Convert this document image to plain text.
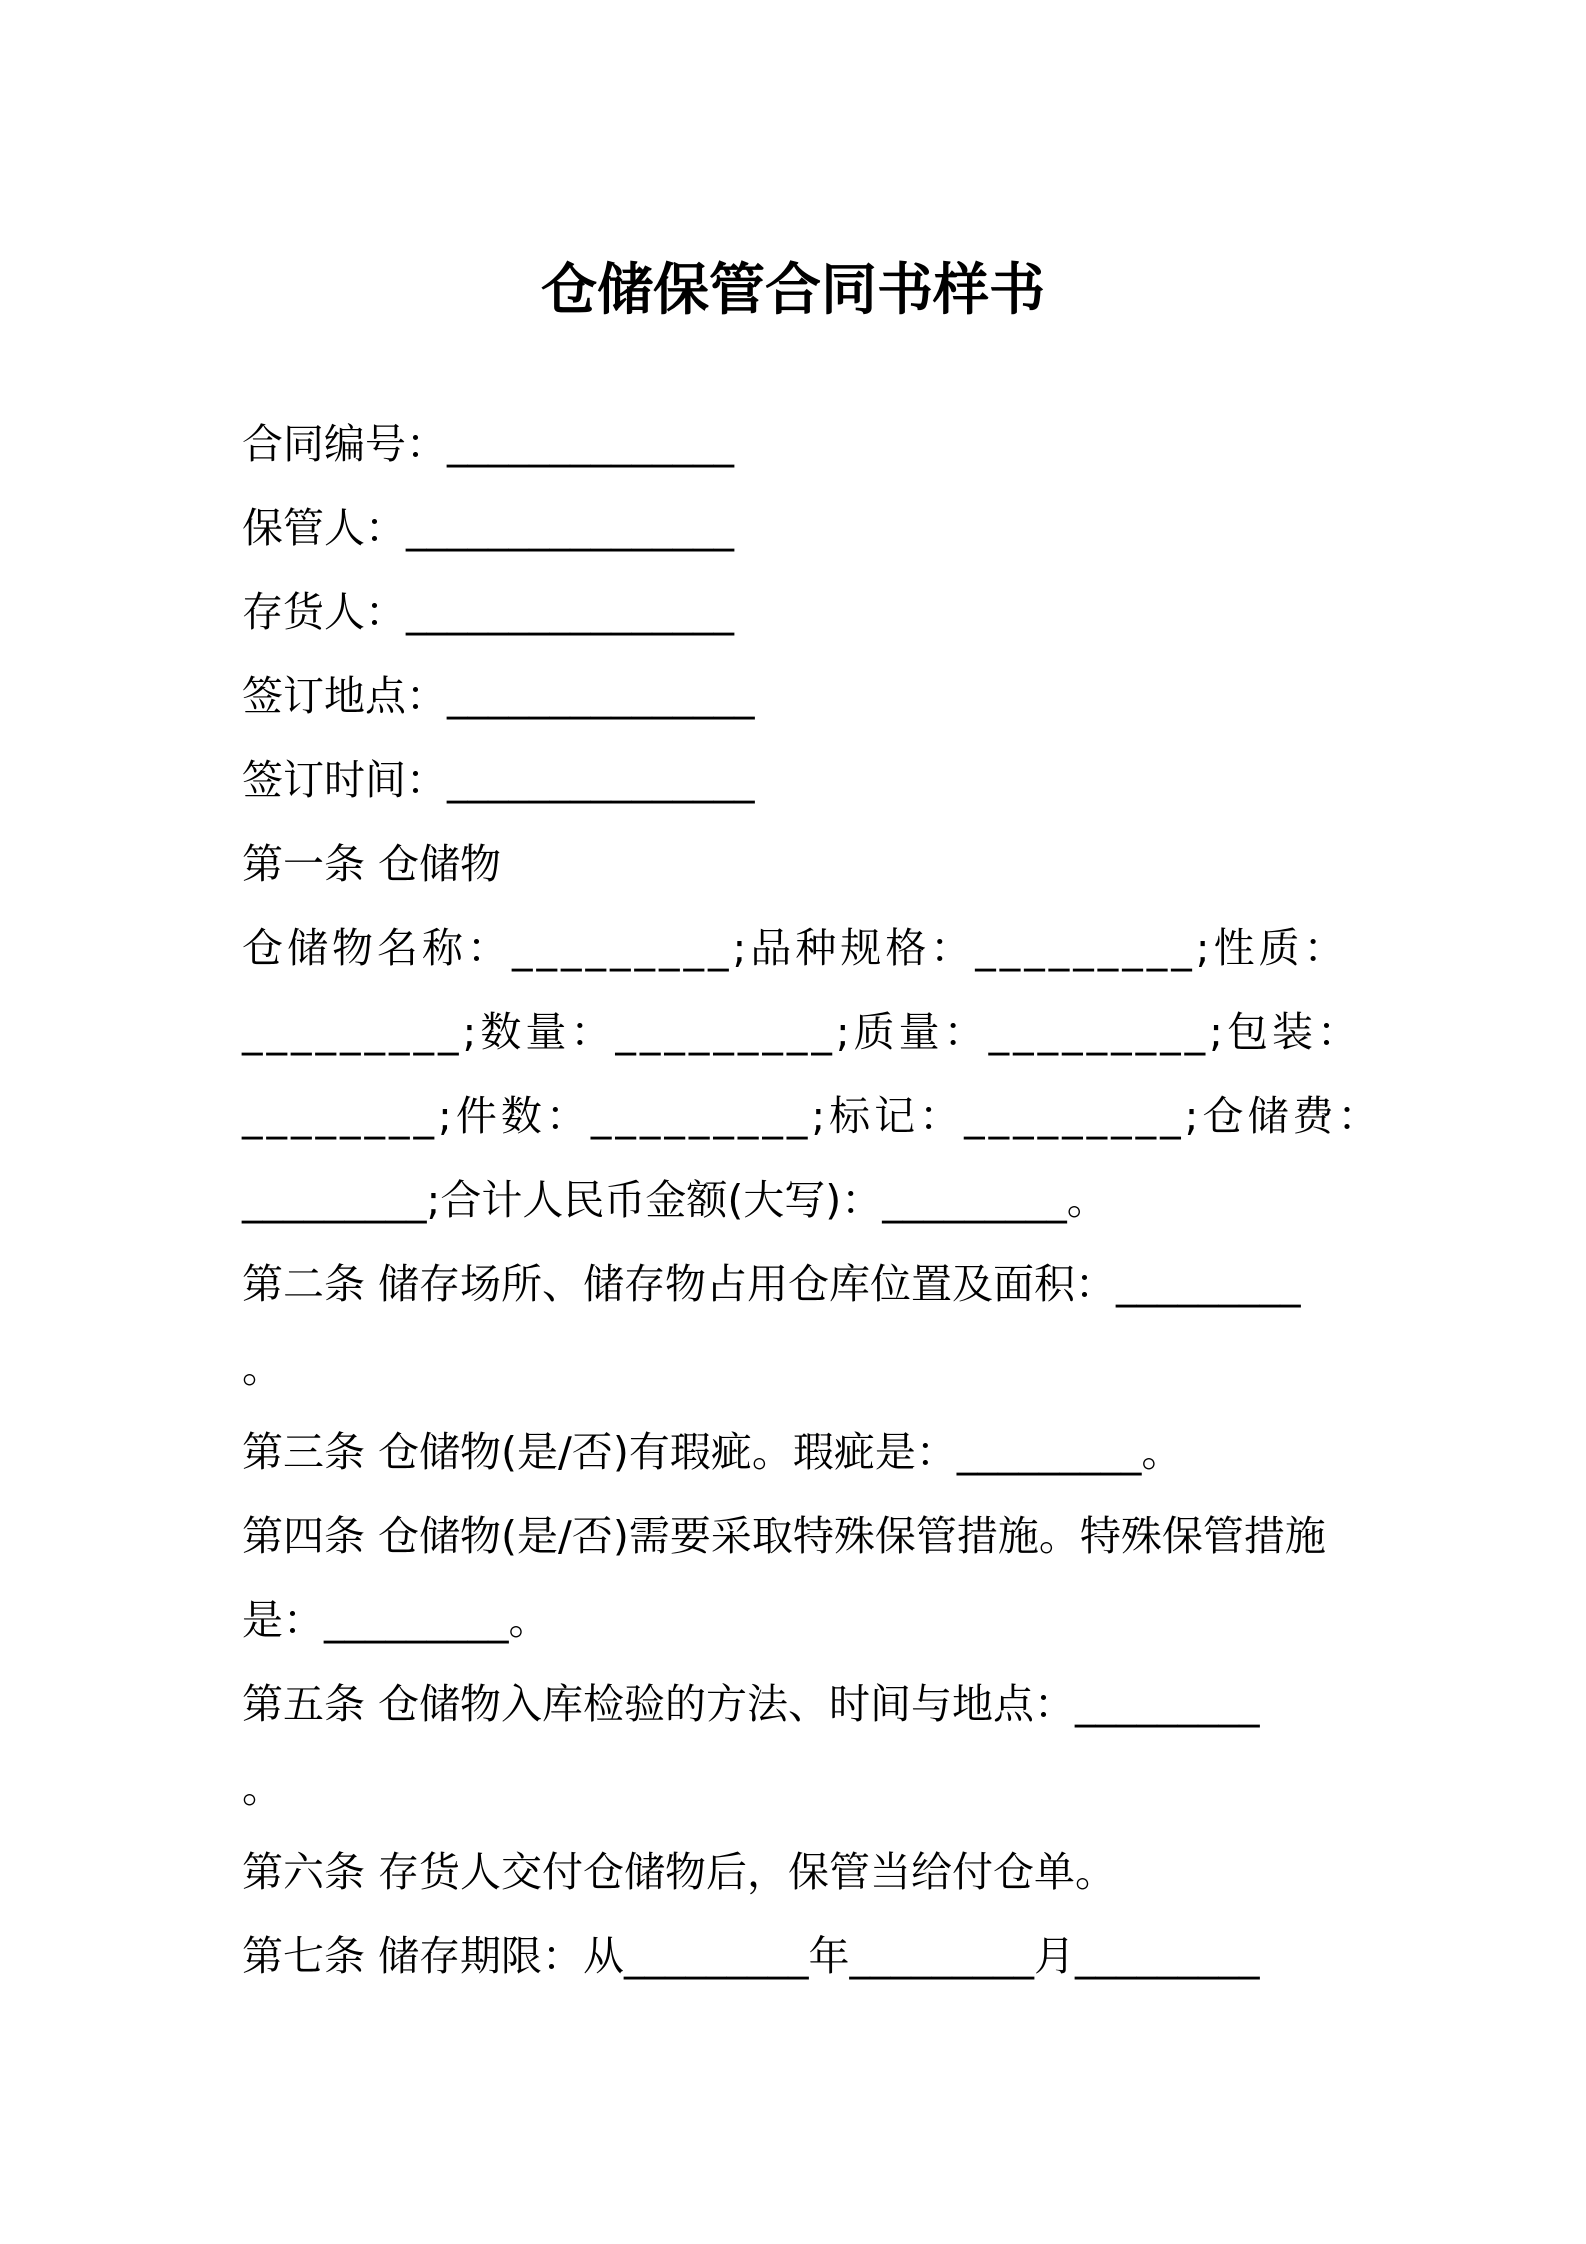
仓储保管合同书样书

合同编号：______________

保管人：________________

存货人：________________

签订地点：_______________

签订时间：_______________

第一条 仓储物

仓储物名称：_________;品种规格：_________;性质：

_________;数量：_________;质量：_________;包装：

________;件数：_________;标记：_________;仓储费：

_________;合计人民币金额(大写)：_________。

第二条 储存场所、储存物占用仓库位置及面积：_________

。

第三条 仓储物(是/否)有瑕疵。瑕疵是：_________。

第四条 仓储物(是/否)需要采取特殊保管措施。特殊保管措施

是：_________。

第五条 仓储物入库检验的方法、时间与地点：_________

。

第六条 存货人交付仓储物后，保管当给付仓单。

第七条 储存期限：从_________年_________月_________
